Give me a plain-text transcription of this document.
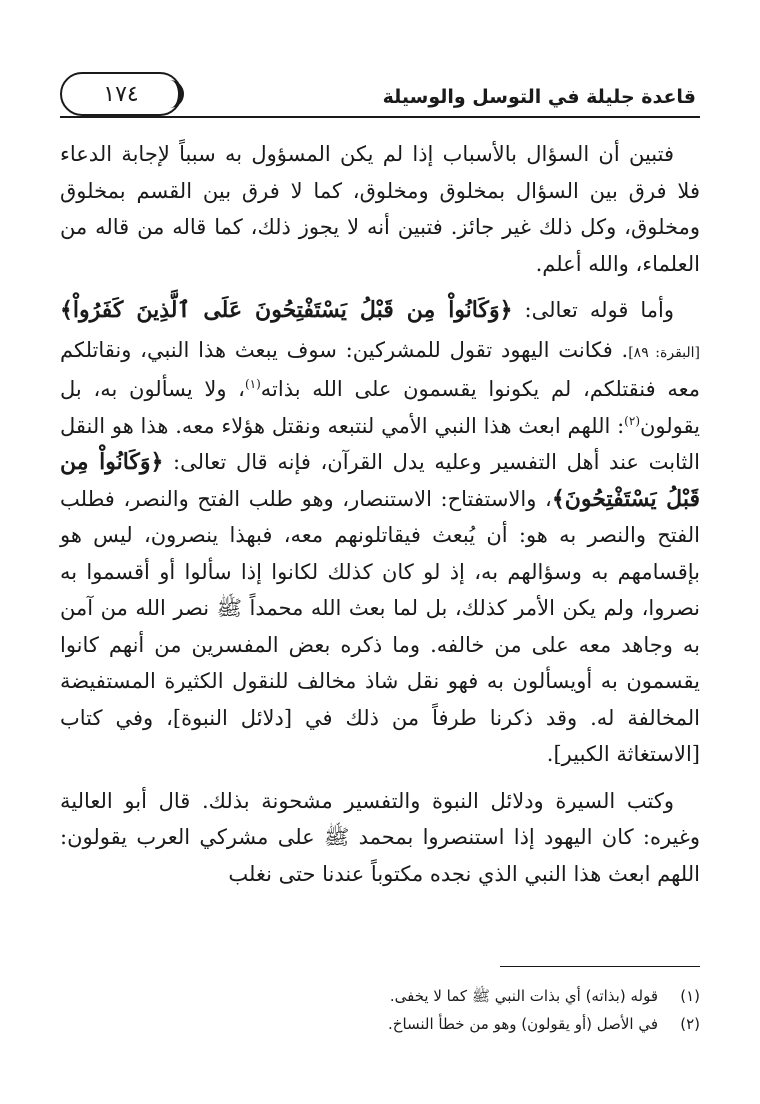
قاعدة جليلة في التوسل والوسيلة
١٧٤

فتبين أن السؤال بالأسباب إذا لم يكن المسؤول به سبباً لإجابة الدعاء فلا فرق بين السؤال بمخلوق ومخلوق، كما لا فرق بين القسم بمخلوق ومخلوق، وكل ذلك غير جائز. فتبين أنه لا يجوز ذلك، كما قاله من قاله من العلماء، والله أعلم.

وأما قوله تعالى: ﴿وَكَانُواْ مِن قَبْلُ يَسْتَفْتِحُونَ عَلَى ٱلَّذِينَ كَفَرُواْ﴾ [البقرة: ٨٩]. فكانت اليهود تقول للمشركين: سوف يبعث هذا النبي، ونقاتلكم معه فنقتلكم، لم يكونوا يقسمون على الله بذاته$^{(١)}$، ولا يسألون به، بل يقولون$^{(٢)}$: اللهم ابعث هذا النبي الأمي لنتبعه ونقتل هؤلاء معه. هذا هو النقل الثابت عند أهل التفسير وعليه يدل القرآن، فإنه قال تعالى: ﴿وَكَانُواْ مِن قَبْلُ يَسْتَفْتِحُونَ﴾، والاستفتاح: الاستنصار، وهو طلب الفتح والنصر، فطلب الفتح والنصر به هو: أن يُبعث فيقاتلونهم معه، فبهذا ينصرون، ليس هو بإقسامهم به وسؤالهم به، إذ لو كان كذلك لكانوا إذا سألوا أو أقسموا به نصروا، ولم يكن الأمر كذلك، بل لما بعث الله محمداً ﷺ نصر الله من آمن به وجاهد معه على من خالفه. وما ذكره بعض المفسرين من أنهم كانوا يقسمون به أويسألون به فهو نقل شاذ مخالف للنقول الكثيرة المستفيضة المخالفة له. وقد ذكرنا طرفاً من ذلك في [دلائل النبوة]، وفي كتاب [الاستغاثة الكبير].

وكتب السيرة ودلائل النبوة والتفسير مشحونة بذلك. قال أبو العالية وغيره: كان اليهود إذا استنصروا بمحمد ﷺ على مشركي العرب يقولون: اللهم ابعث هذا النبي الذي نجده مكتوباً عندنا حتى نغلب

(١)قوله (بذاته) أي بذات النبي ﷺ كما لا يخفى.
(٢)في الأصل (أو يقولون) وهو من خطأ النساخ.
